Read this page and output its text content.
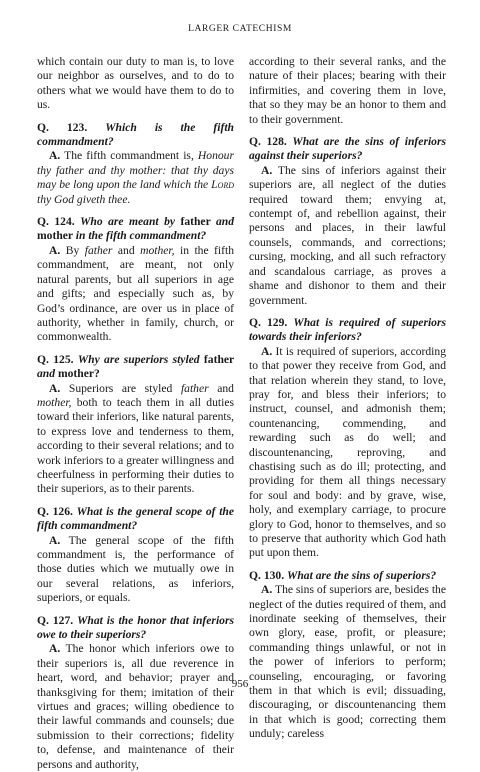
LARGER CATECHISM

which contain our duty to man is, to love our neighbor as ourselves, and to do to others what we would have them to do to us.

Q. 123. Which is the fifth commandment?

A. The fifth commandment is, Honour thy father and thy mother: that thy days may be long upon the land which the Lord thy God giveth thee.

Q. 124. Who are meant by father and mother in the fifth commandment?

A. By father and mother, in the fifth commandment, are meant, not only natural parents, but all superiors in age and gifts; and especially such as, by God’s ordinance, are over us in place of authority, whether in family, church, or commonwealth.

Q. 125. Why are superiors styled father and mother?

A. Superiors are styled father and mother, both to teach them in all duties toward their inferiors, like natural parents, to express love and tenderness to them, according to their several relations; and to work inferiors to a greater willingness and cheerfulness in performing their duties to their superiors, as to their parents.

Q. 126. What is the general scope of the fifth commandment?

A. The general scope of the fifth commandment is, the performance of those duties which we mutually owe in our several relations, as inferiors, superiors, or equals.

Q. 127. What is the honor that inferiors owe to their superiors?

A. The honor which inferiors owe to their superiors is, all due reverence in heart, word, and behavior; prayer and thanksgiving for them; imitation of their virtues and graces; willing obedience to their lawful commands and counsels; due submission to their corrections; fidelity to, defense, and maintenance of their persons and authority,

according to their several ranks, and the nature of their places; bearing with their infirmities, and covering them in love, that so they may be an honor to them and to their government.

Q. 128. What are the sins of inferiors against their superiors?

A. The sins of inferiors against their superiors are, all neglect of the duties required toward them; envying at, contempt of, and rebellion against, their persons and places, in their lawful counsels, commands, and corrections; cursing, mocking, and all such refractory and scandalous carriage, as proves a shame and dishonor to them and their government.

Q. 129. What is required of superiors towards their inferiors?

A. It is required of superiors, according to that power they receive from God, and that relation wherein they stand, to love, pray for, and bless their inferiors; to instruct, counsel, and admonish them; countenancing, commending, and rewarding such as do well; and discountenancing, reproving, and chastising such as do ill; protecting, and providing for them all things necessary for soul and body: and by grave, wise, holy, and exemplary carriage, to procure glory to God, honor to themselves, and so to preserve that authority which God hath put upon them.

Q. 130. What are the sins of superiors?

A. The sins of superiors are, besides the neglect of the duties required of them, and inordinate seeking of themselves, their own glory, ease, profit, or pleasure; commanding things unlawful, or not in the power of inferiors to perform; counseling, encouraging, or favoring them in that which is evil; dissuading, discouraging, or discountenancing them in that which is good; correcting them unduly; careless

956
